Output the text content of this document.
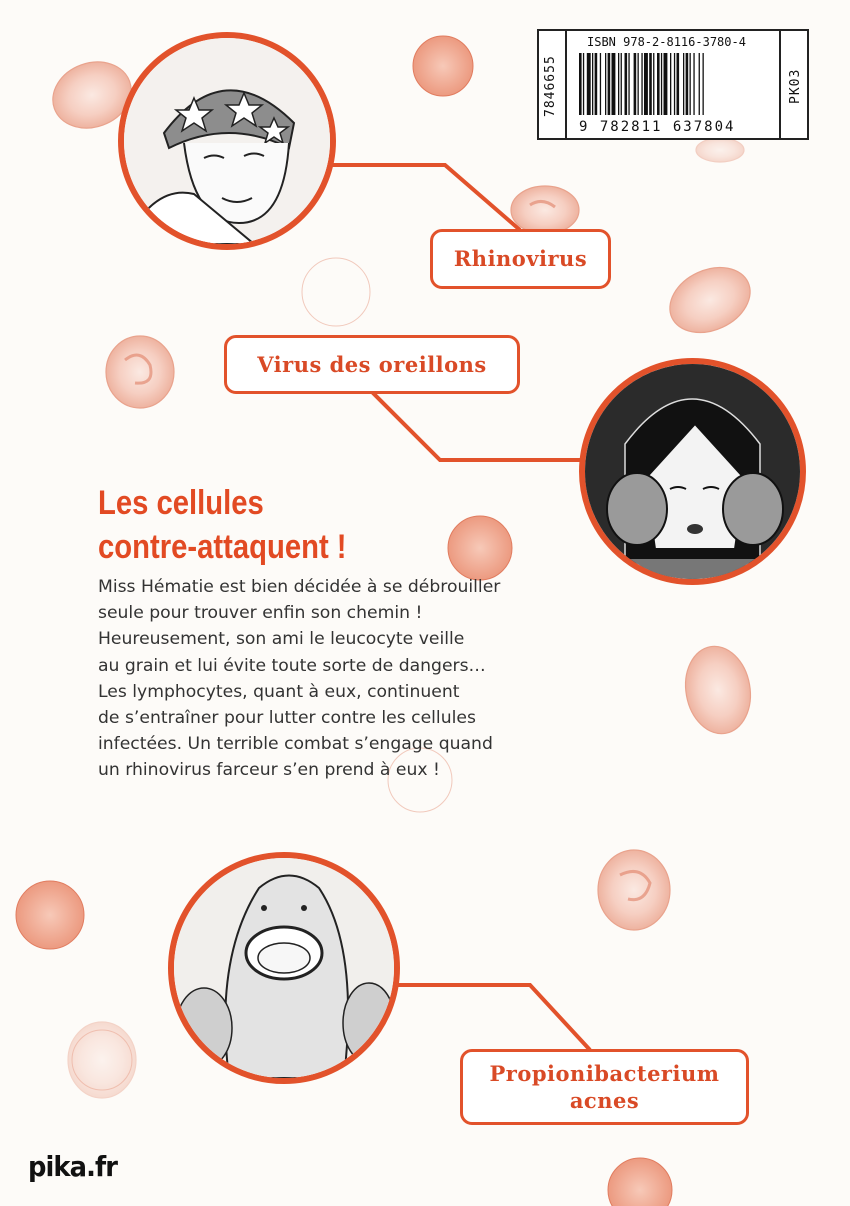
7846655
ISBN 978-2-8116-3780-4
9 782811 637804
PK03
Rhinovirus
Virus des oreillons
Propionibacterium
acnes
Les cellules
contre-attaquent !
Miss Hématie est bien décidée à se débrouiller
seule pour trouver enfin son chemin !
Heureusement, son ami le leucocyte veille
au grain et lui évite toute sorte de dangers…
Les lymphocytes, quant à eux, continuent
de s’entraîner pour lutter contre les cellules
infectées. Un terrible combat s’engage quand
un rhinovirus farceur s’en prend à eux !
pika.fr
